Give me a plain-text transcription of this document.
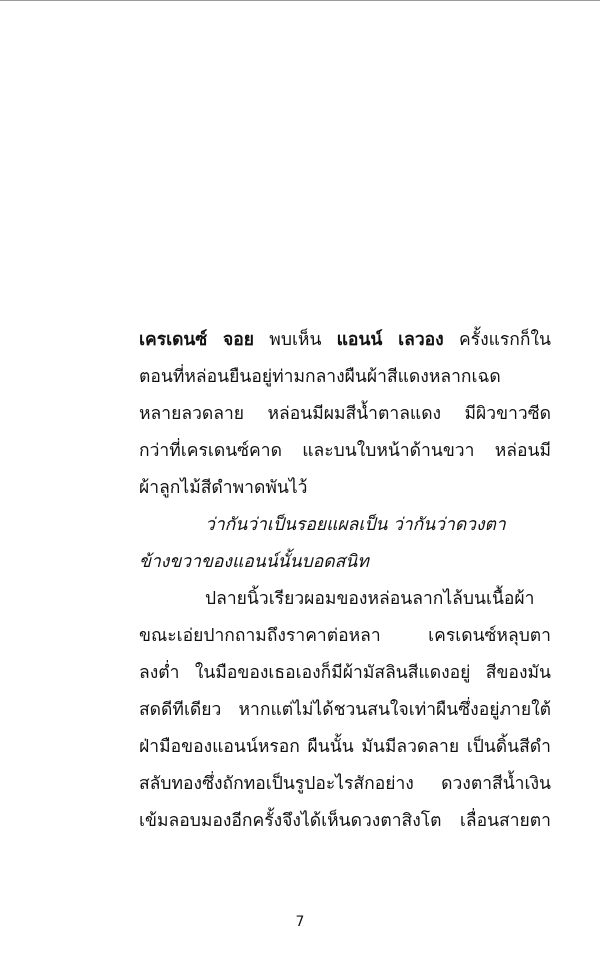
เครเดนซ์ จอย พบเห็น แอนน์ เลวอง ครั้งแรกก็ใน
ตอนที่หล่อนยืนอยู่ท่ามกลางผืนผ้าสีแดงหลากเฉด
หลายลวดลาย หล่อนมีผมสีน้ำตาลแดง มีผิวขาวซีด
กว่าที่เครเดนซ์คาด และบนใบหน้าด้านขวา หล่อนมี
ผ้าลูกไม้สีดำพาดพันไว้
ว่ากันว่าเป็นรอยแผลเป็น ว่ากันว่าดวงตา
ข้างขวาของแอนน์นั้นบอดสนิท
ปลายนิ้วเรียวผอมของหล่อนลากไล้บนเนื้อผ้า
ขณะเอ่ยปากถามถึงราคาต่อหลา เครเดนซ์หลุบตา
ลงต่ำ ในมือของเธอเองก็มีผ้ามัสลินสีแดงอยู่ สีของมัน
สดดีทีเดียว หากแต่ไม่ได้ชวนสนใจเท่าผืนซึ่งอยู่ภายใต้
ฝ่ามือของแอนน์หรอก ผืนนั้น มันมีลวดลาย เป็นดิ้นสีดำ
สลับทองซึ่งถักทอเป็นรูปอะไรสักอย่าง ดวงตาสีน้ำเงิน
เข้มลอบมองอีกครั้งจึงได้เห็นดวงตาสิงโต เลื่อนสายตา
7
